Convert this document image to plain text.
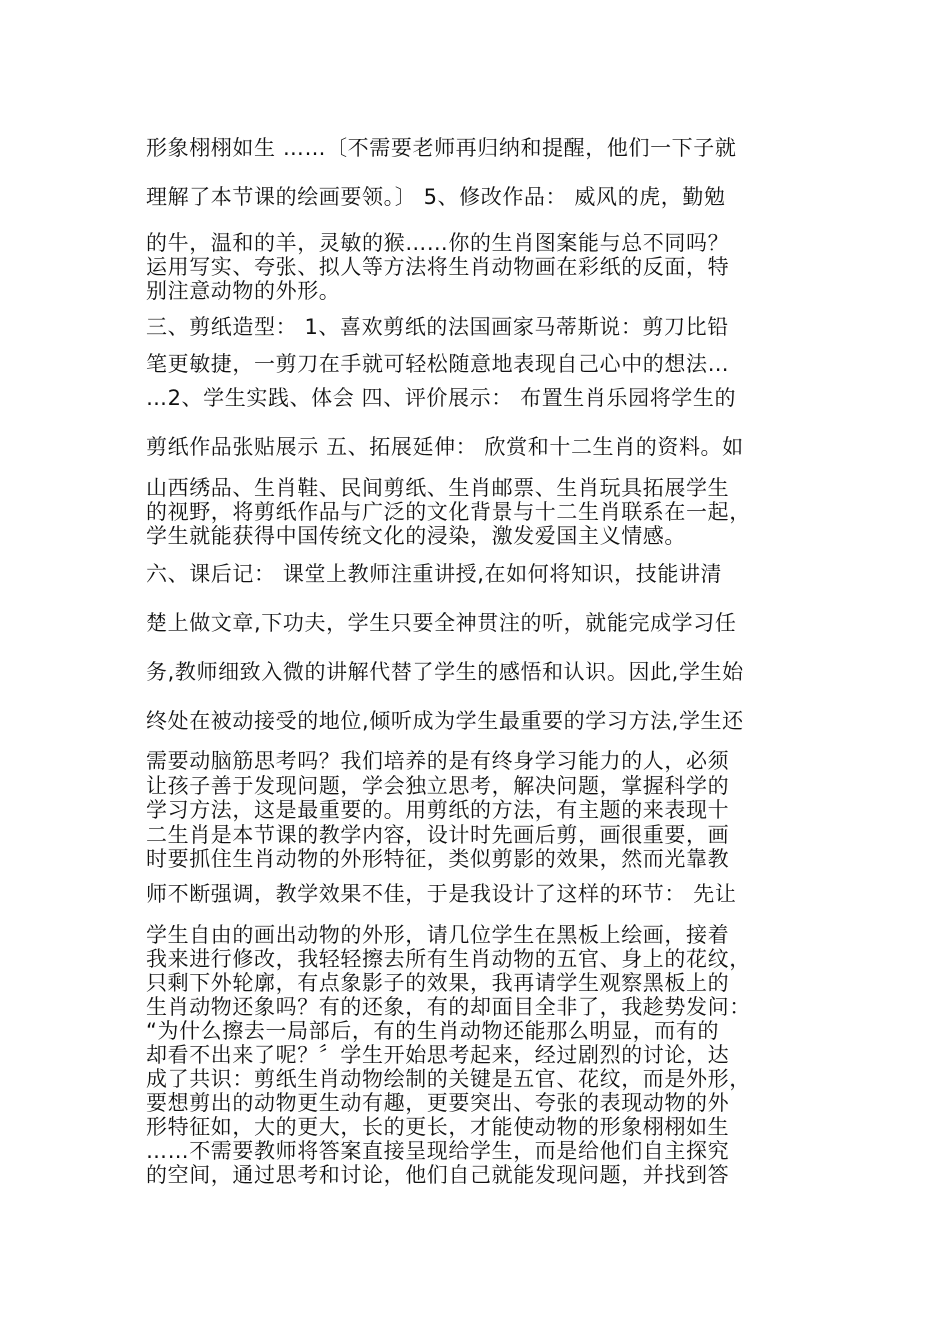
形象栩栩如生 ……〔不需要老师再归纳和提醒，他们一下子就
理解了本节课的绘画要领。〕 5、修改作品： 威风的虎，勤勉
的牛，温和的羊，灵敏的猴……你的生肖图案能与总不同吗？
运用写实、夸张、拟人等方法将生肖动物画在彩纸的反面，特
别注意动物的外形。
三、剪纸造型： 1、喜欢剪纸的法国画家马蒂斯说：剪刀比铅
笔更敏捷，一剪刀在手就可轻松随意地表现自己心中的想法…
…2、学生实践、体会 四、评价展示： 布置生肖乐园将学生的
剪纸作品张贴展示 五、拓展延伸： 欣赏和十二生肖的资料。如
山西绣品、生肖鞋、民间剪纸、生肖邮票、生肖玩具拓展学生
的视野，将剪纸作品与广泛的文化背景与十二生肖联系在一起，
学生就能获得中国传统文化的浸染，激发爱国主义情感。
六、课后记： 课堂上教师注重讲授,在如何将知识，技能讲清
楚上做文章,下功夫，学生只要全神贯注的听，就能完成学习任
务,教师细致入微的讲解代替了学生的感悟和认识。因此,学生始
终处在被动接受的地位,倾听成为学生最重要的学习方法,学生还
需要动脑筋思考吗？我们培养的是有终身学习能力的人，必须
让孩子善于发现问题，学会独立思考，解决问题，掌握科学的
学习方法，这是最重要的。用剪纸的方法，有主题的来表现十
二生肖是本节课的教学内容，设计时先画后剪，画很重要，画
时要抓住生肖动物的外形特征，类似剪影的效果，然而光靠教
师不断强调，教学效果不佳，于是我设计了这样的环节： 先让
学生自由的画出动物的外形，请几位学生在黑板上绘画，接着
我来进行修改，我轻轻擦去所有生肖动物的五官、身上的花纹，
只剩下外轮廓，有点象影子的效果，我再请学生观察黑板上的
生肖动物还象吗？有的还象，有的却面目全非了，我趁势发问：
“为什么擦去一局部后，有的生肖动物还能那么明显，而有的
却看不出来了呢？〞学生开始思考起来，经过剧烈的讨论，达
成了共识：剪纸生肖动物绘制的关键是五官、花纹，而是外形，
要想剪出的动物更生动有趣，更要突出、夸张的表现动物的外
形特征如，大的更大，长的更长，才能使动物的形象栩栩如生
……不需要教师将答案直接呈现给学生，而是给他们自主探究
的空间，通过思考和讨论，他们自己就能发现问题，并找到答
